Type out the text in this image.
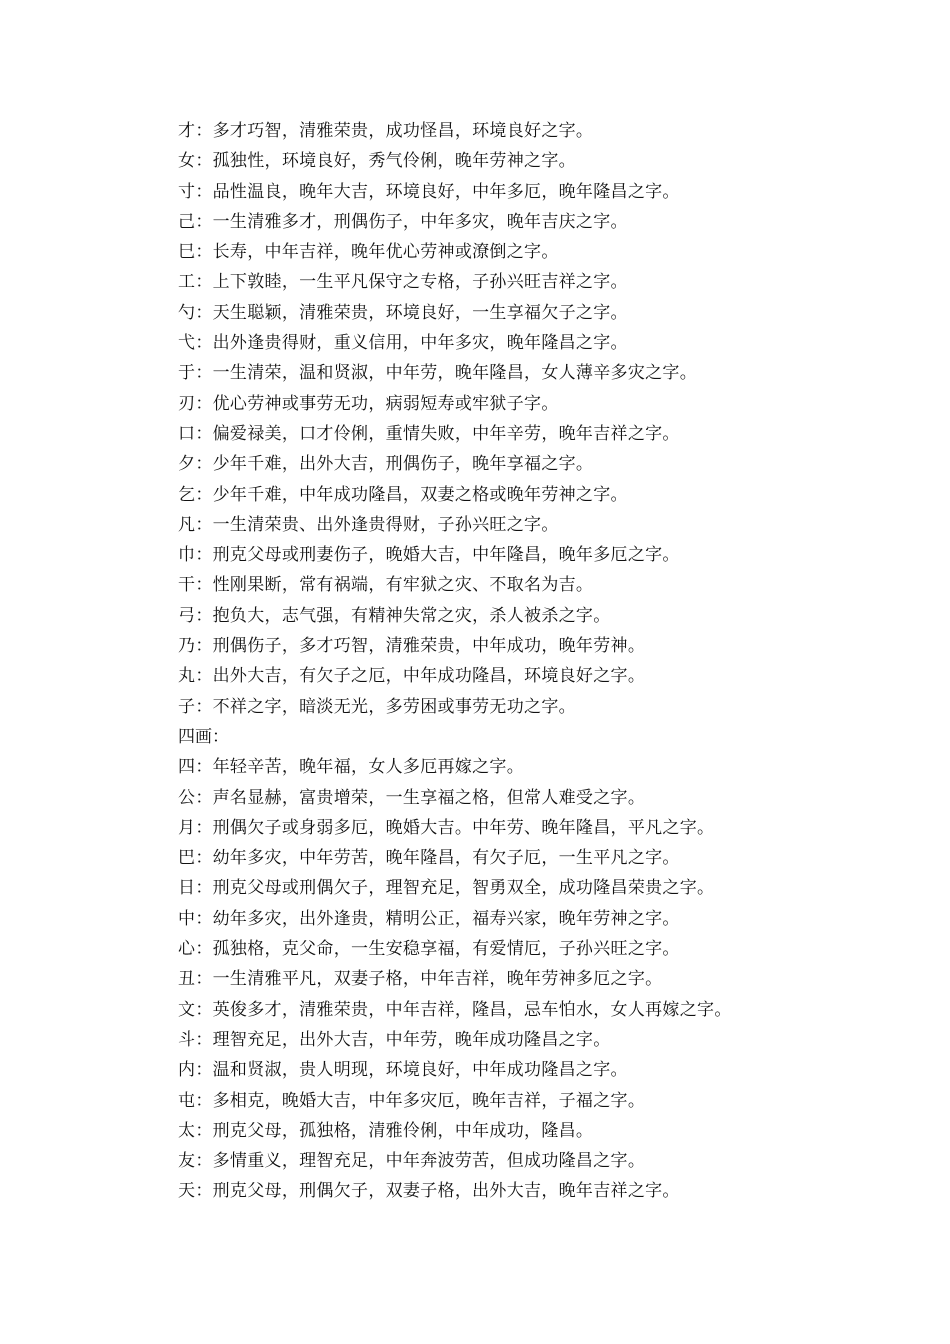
才：多才巧智，清雅荣贵，成功怪昌，环境良好之字。
女：孤独性，环境良好，秀气伶俐，晚年劳神之字。
寸：品性温良，晚年大吉，环境良好，中年多厄，晚年隆昌之字。
己：一生清雅多才，刑偶伤子，中年多灾，晚年吉庆之字。
巳：长寿，中年吉祥，晚年优心劳神或潦倒之字。
工：上下敦睦，一生平凡保守之专格，子孙兴旺吉祥之字。
勺：天生聪颖，清雅荣贵，环境良好，一生享福欠子之字。
弋：出外逢贵得财，重义信用，中年多灾，晚年隆昌之字。
于：一生清荣，温和贤淑，中年劳，晚年隆昌，女人薄辛多灾之字。
刃：优心劳神或事劳无功，病弱短寿或牢狱子字。
口：偏爱禄美，口才伶俐，重情失败，中年辛劳，晚年吉祥之字。
夕：少年千难，出外大吉，刑偶伤子，晚年享福之字。
乞：少年千难，中年成功隆昌，双妻之格或晚年劳神之字。
凡：一生清荣贵、出外逢贵得财，子孙兴旺之字。
巾：刑克父母或刑妻伤子，晚婚大吉，中年隆昌，晚年多厄之字。
干：性刚果断，常有祸端，有牢狱之灾、不取名为吉。
弓：抱负大，志气强，有精神失常之灾，杀人被杀之字。
乃：刑偶伤子，多才巧智，清雅荣贵，中年成功，晚年劳神。
丸：出外大吉，有欠子之厄，中年成功隆昌，环境良好之字。
子：不祥之字，暗淡无光，多劳困或事劳无功之字。
四画：
四：年轻辛苦，晚年福，女人多厄再嫁之字。
公：声名显赫，富贵增荣，一生享福之格，但常人难受之字。
月：刑偶欠子或身弱多厄，晚婚大吉。中年劳、晚年隆昌，平凡之字。
巴：幼年多灾，中年劳苦，晚年隆昌，有欠子厄，一生平凡之字。
日：刑克父母或刑偶欠子，理智充足，智勇双全，成功隆昌荣贵之字。
中：幼年多灾，出外逢贵，精明公正，福寿兴家，晚年劳神之字。
心：孤独格，克父命，一生安稳享福，有爱情厄，子孙兴旺之字。
丑：一生清雅平凡，双妻子格，中年吉祥，晚年劳神多厄之字。
文：英俊多才，清雅荣贵，中年吉祥，隆昌，忌车怕水，女人再嫁之字。
斗：理智充足，出外大吉，中年劳，晚年成功隆昌之字。
内：温和贤淑，贵人明现，环境良好，中年成功隆昌之字。
屯：多相克，晚婚大吉，中年多灾厄，晚年吉祥，子福之字。
太：刑克父母，孤独格，清雅伶俐，中年成功，隆昌。
友：多情重义，理智充足，中年奔波劳苦，但成功隆昌之字。
天：刑克父母，刑偶欠子，双妻子格，出外大吉，晚年吉祥之字。
